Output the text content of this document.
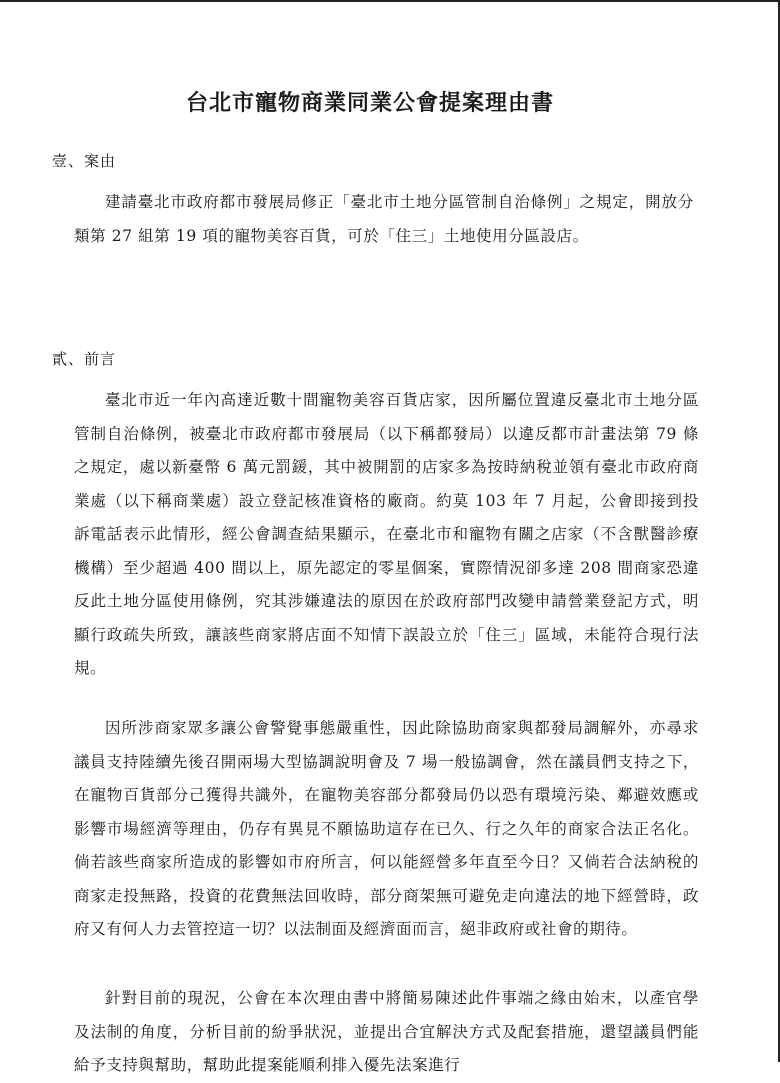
台北市寵物商業同業公會提案理由書
壹、案由

建請臺北市政府都市發展局修正「臺北市土地分區管制自治條例」之規定，開放分類第 27 組第 19 項的寵物美容百貨，可於「住三」土地使用分區設店。

貳、前言

臺北市近一年內高達近數十間寵物美容百貨店家，因所屬位置違反臺北市土地分區管制自治條例，被臺北市政府都市發展局（以下稱都發局）以違反都市計畫法第 79 條之規定，處以新臺幣 6 萬元罰鍰，其中被開罰的店家多為按時納稅並領有臺北市政府商業處（以下稱商業處）設立登記核准資格的廠商。約莫 103 年 7 月起，公會即接到投訴電話表示此情形，經公會調查結果顯示，在臺北市和寵物有關之店家（不含獸醫診療機構）至少超過 400 間以上，原先認定的零星個案，實際情況卻多達 208 間商家恐違反此土地分區使用條例，究其涉嫌違法的原因在於政府部門改變申請營業登記方式，明顯行政疏失所致，讓該些商家將店面不知情下誤設立於「住三」區域，未能符合現行法規。

因所涉商家眾多讓公會警覺事態嚴重性，因此除協助商家與都發局調解外，亦尋求議員支持陸續先後召開兩場大型協調說明會及 7 場一般協調會，然在議員們支持之下，在寵物百貨部分己獲得共識外，在寵物美容部分都發局仍以恐有環境污染、鄰避效應或影響市場經濟等理由，仍存有異見不願協助這存在已久、行之久年的商家合法正名化。倘若該些商家所造成的影響如市府所言，何以能經營多年直至今日？又倘若合法納稅的商家走投無路，投資的花費無法回收時，部分商架無可避免走向違法的地下經營時，政府又有何人力去管控這一切？以法制面及經濟面而言，絕非政府或社會的期待。

針對目前的現況，公會在本次理由書中將簡易陳述此件事端之緣由始末，以產官學及法制的角度，分析目前的紛爭狀況，並提出合宜解決方式及配套措施，還望議員們能給予支持與幫助，幫助此提案能順利排入優先法案進行
